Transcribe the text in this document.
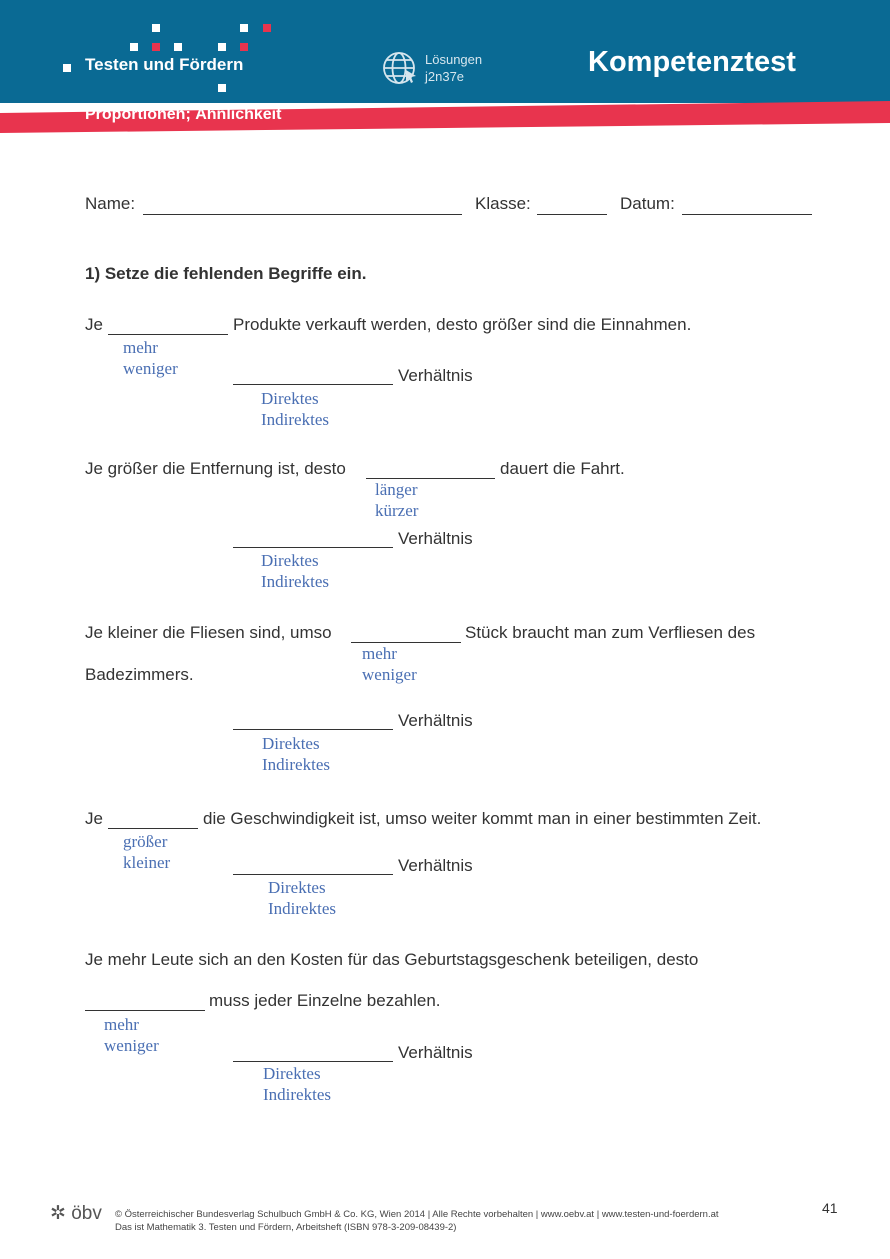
Testen und Fördern	Lösungen
j2n37e	Kompetenztest
Proportionen; Ähnlichkeit
Name:	Klasse:	Datum:
1) Setze die fehlenden Begriffe ein.
Je	Produkte verkauft werden, desto größer sind die Einnahmen.
mehr
weniger	Verhältnis
Direktes
Indirektes
Je größer die Entfernung ist, desto	dauert die Fahrt.
länger
kürzer
Verhältnis
Direktes
Indirektes
Je kleiner die Fliesen sind, umso	Stück braucht man zum Verfliesen des
Badezimmers.
mehr
weniger
Verhältnis
Direktes
Indirektes
Je	die Geschwindigkeit ist, umso weiter kommt man in einer bestimmten Zeit.
größer
kleiner	Verhältnis
Direktes
Indirektes
Je mehr Leute sich an den Kosten für das Geburtstagsgeschenk beteiligen, desto
muss jeder Einzelne bezahlen.
mehr
weniger	Verhältnis
Direktes
Indirektes
✲ öbv © Österreichischer Bundesverlag Schulbuch GmbH & Co. KG, Wien 2014 | Alle Rechte vorbehalten | www.oebv.at | www.testen-und-foerdern.at
Das ist Mathematik 3. Testen und Fördern, Arbeitsheft (ISBN 978-3-209-08439-2)
41
